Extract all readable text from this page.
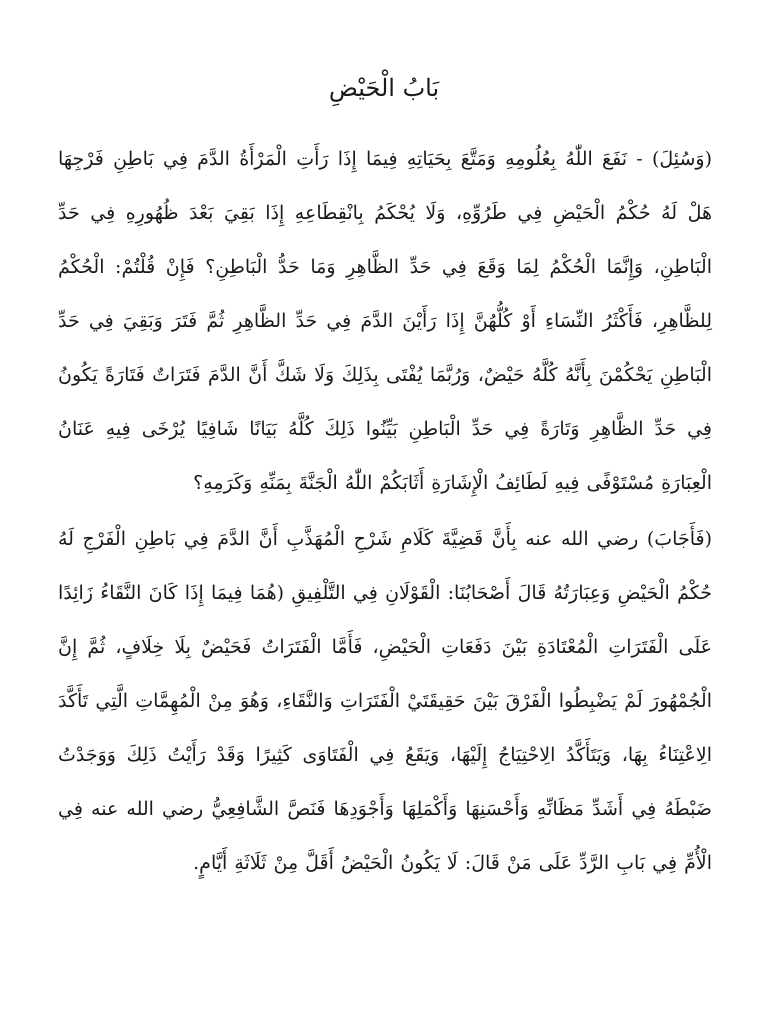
بَابُ الْحَيْضِ

(وَسُئِلَ) - نَفَعَ اللّٰهُ بِعُلُومِهِ وَمَتَّعَ بِحَيَاتِهِ فِيمَا إِذَا رَأَتِ الْمَرْأَةُ الدَّمَ فِي بَاطِنِ فَرْجِهَا هَلْ لَهُ حُكْمُ الْحَيْضِ فِي طَرُوِّهِ، وَلَا يُحْكَمُ بِانْقِطَاعِهِ إِذَا بَقِيَ بَعْدَ ظُهُورِهِ فِي حَدِّ الْبَاطِنِ، وَإِنَّمَا الْحُكْمُ لِمَا وَقَعَ فِي حَدِّ الظَّاهِرِ وَمَا حَدُّ الْبَاطِنِ؟ فَإِنْ قُلْتُمْ: الْحُكْمُ لِلظَّاهِرِ، فَأَكْثَرُ النِّسَاءِ أَوْ كُلُّهُنَّ إِذَا رَأَيْنَ الدَّمَ فِي حَدِّ الظَّاهِرِ ثُمَّ فَتَرَ وَبَقِيَ فِي حَدِّ الْبَاطِنِ يَحْكُمْنَ بِأَنَّهُ كُلَّهُ حَيْضٌ، وَرُبَّمَا يُفْتَى بِذَلِكَ وَلَا شَكَّ أَنَّ الدَّمَ فَتَرَاتٌ فَتَارَةً يَكُونُ فِي حَدِّ الظَّاهِرِ وَتَارَةً فِي حَدِّ الْبَاطِنِ بَيِّنُوا ذَلِكَ كُلَّهُ بَيَانًا شَافِيًا يُرْخَى فِيهِ عَنَانُ الْعِبَارَةِ مُسْتَوْفًى فِيهِ لَطَائِفُ الْإِشَارَةِ أَثَابَكُمْ اللّٰهُ الْجَنَّةَ بِمَنِّهِ وَكَرَمِهِ؟

(فَأَجَابَ) رضي الله عنه بِأَنَّ قَضِيَّةَ كَلَامِ شَرْحِ الْمُهَذَّبِ أَنَّ الدَّمَ فِي بَاطِنِ الْفَرْجِ لَهُ حُكْمُ الْحَيْضِ وَعِبَارَتُهُ قَالَ أَصْحَابُنَا: الْقَوْلَانِ فِي التَّلْفِيقِ (هُمَا فِيمَا إِذَا كَانَ النَّقَاءُ زَائِدًا عَلَى الْفَتَرَاتِ الْمُعْتَادَةِ بَيْنَ دَفَعَاتِ الْحَيْضِ، فَأَمَّا الْفَتَرَاتُ فَحَيْضٌ بِلَا خِلَافٍ، ثُمَّ إِنَّ الْجُمْهُورَ لَمْ يَضْبِطُوا الْفَرْقَ بَيْنَ حَقِيقَتَيْ الْفَتَرَاتِ وَالنَّقَاءِ، وَهُوَ مِنْ الْمُهِمَّاتِ الَّتِي تَأَكَّدَ الِاعْتِنَاءُ بِهَا، وَيَتَأَكَّدُ الِاحْتِيَاجُ إِلَيْهَا، وَيَقَعُ فِي الْفَتَاوَى كَثِيرًا وَقَدْ رَأَيْتُ ذَلِكَ وَوَجَدْتُ ضَبْطَهُ فِي أَشَدِّ مَظَانِّهِ وَأَحْسَنِهَا وَأَكْمَلِهَا وَأَجْوَدِهَا فَنَصَّ الشَّافِعِيُّ رضي الله عنه فِي الْأُمِّ فِي بَابِ الرَّدِّ عَلَى مَنْ قَالَ: لَا يَكُونُ الْحَيْضُ أَقَلَّ مِنْ ثَلَاثَةِ أَيَّامٍ.
